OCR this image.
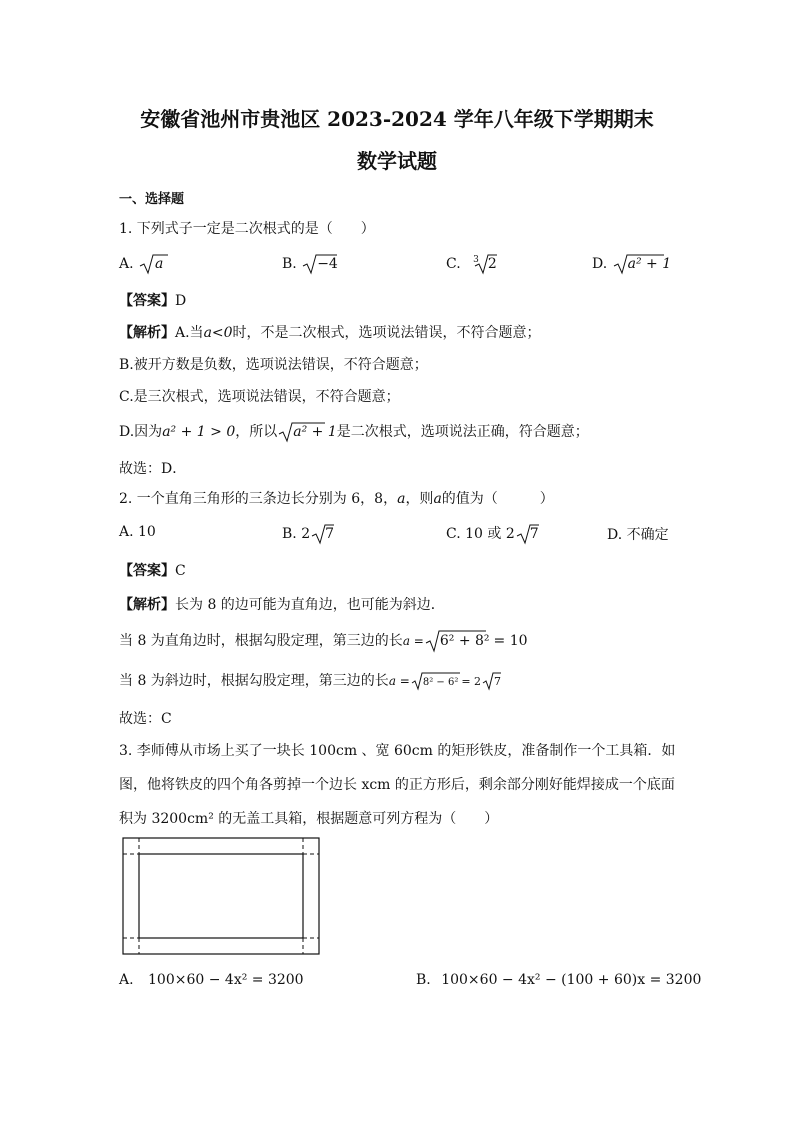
安徽省池州市贵池区 2023-2024 学年八年级下学期期末
数学试题
一、选择题
1. 下列式子一定是二次根式的是（　　）
A. a	B. −4	C. $^3$ 2	D. a² + 1
【答案】D
【解析】A.当a<0时，不是二次根式，选项说法错误，不符合题意；
B.被开方数是负数，选项说法错误，不符合题意；
C.是三次根式，选项说法错误，不符合题意；
D.因为a² + 1 > 0，所以 a² + 1是二次根式，选项说法正确，符合题意；
故选：D．
2. 一个直角三角形的三条边长分别为 6，8，a，则a的值为（　　　）
A. 10	B. 2 7	C. 10 或 2 7	D. 不确定
【答案】C
【解析】长为 8 的边可能为直角边，也可能为斜边．
当 8 为直角边时，根据勾股定理，第三边的长a = 6² + 8² = 10
当 8 为斜边时，根据勾股定理，第三边的长a = 8² − 6² = 2 7
故选：C
3. 李师傅从市场上买了一块长 100cm 、宽 60cm 的矩形铁皮，准备制作一个工具箱．如
图，他将铁皮的四个角各剪掉一个边长 xcm 的正方形后，剩余部分刚好能焊接成一个底面
积为 3200cm² 的无盖工具箱，根据题意可列方程为（　　）
A. 100×60 − 4x² = 3200	B. 100×60 − 4x² − (100 + 60)x = 3200
